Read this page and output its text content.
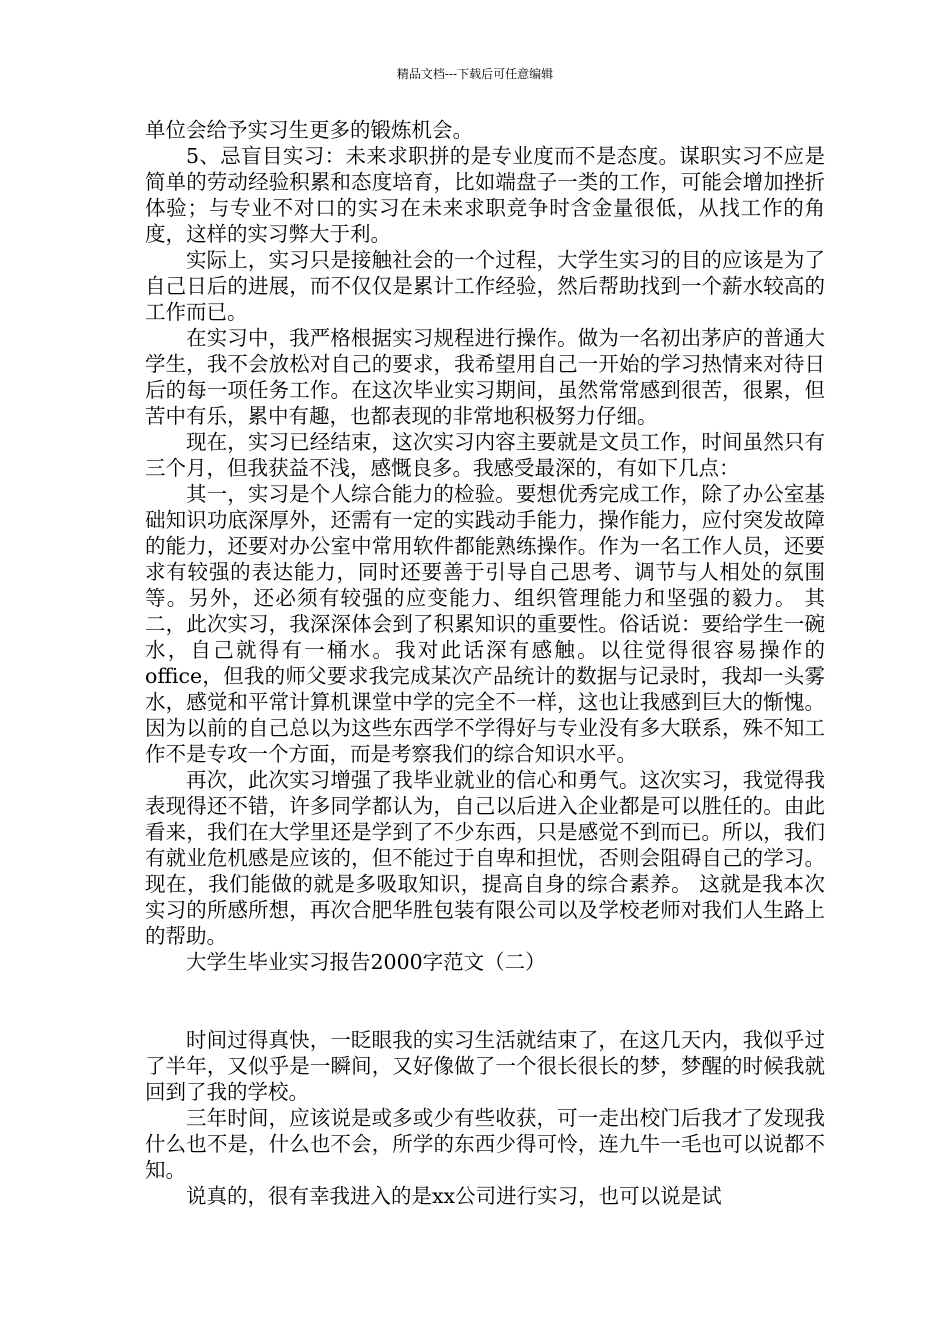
精品文档---下载后可任意编辑

单位会给予实习生更多的锻炼机会。

5、忌盲目实习：未来求职拼的是专业度而不是态度。谋职实习不应是简单的劳动经验积累和态度培育，比如端盘子一类的工作，可能会增加挫折体验；与专业不对口的实习在未来求职竞争时含金量很低，从找工作的角度，这样的实习弊大于利。

实际上，实习只是接触社会的一个过程，大学生实习的目的应该是为了自己日后的进展，而不仅仅是累计工作经验，然后帮助找到一个薪水较高的工作而已。

在实习中，我严格根据实习规程进行操作。做为一名初出茅庐的普通大学生，我不会放松对自己的要求，我希望用自己一开始的学习热情来对待日后的每一项任务工作。在这次毕业实习期间，虽然常常感到很苦，很累，但苦中有乐，累中有趣，也都表现的非常地积极努力仔细。

现在，实习已经结束，这次实习内容主要就是文员工作，时间虽然只有三个月，但我获益不浅，感慨良多。我感受最深的，有如下几点：

其一，实习是个人综合能力的检验。要想优秀完成工作，除了办公室基础知识功底深厚外，还需有一定的实践动手能力，操作能力，应付突发故障的能力，还要对办公室中常用软件都能熟练操作。作为一名工作人员，还要求有较强的表达能力，同时还要善于引导自己思考、调节与人相处的氛围等。另外，还必须有较强的应变能力、组织管理能力和坚强的毅力。 其二，此次实习，我深深体会到了积累知识的重要性。俗话说：要给学生一碗水，自己就得有一桶水。我对此话深有感触。以往觉得很容易操作的office，但我的师父要求我完成某次产品统计的数据与记录时，我却一头雾水，感觉和平常计算机课堂中学的完全不一样，这也让我感到巨大的惭愧。因为以前的自己总以为这些东西学不学得好与专业没有多大联系，殊不知工作不是专攻一个方面，而是考察我们的综合知识水平。

再次，此次实习增强了我毕业就业的信心和勇气。这次实习，我觉得我表现得还不错，许多同学都认为，自己以后进入企业都是可以胜任的。由此看来，我们在大学里还是学到了不少东西，只是感觉不到而已。所以，我们有就业危机感是应该的，但不能过于自卑和担忧，否则会阻碍自己的学习。现在，我们能做的就是多吸取知识，提高自身的综合素养。 这就是我本次实习的所感所想，再次合肥华胜包装有限公司以及学校老师对我们人生路上的帮助。

大学生毕业实习报告2000字范文（二）

时间过得真快，一眨眼我的实习生活就结束了，在这几天内，我似乎过了半年，又似乎是一瞬间，又好像做了一个很长很长的梦，梦醒的时候我就回到了我的学校。

三年时间，应该说是或多或少有些收获，可一走出校门后我才了发现我什么也不是，什么也不会，所学的东西少得可怜，连九牛一毛也可以说都不知。

说真的，很有幸我进入的是xx公司进行实习，也可以说是试
